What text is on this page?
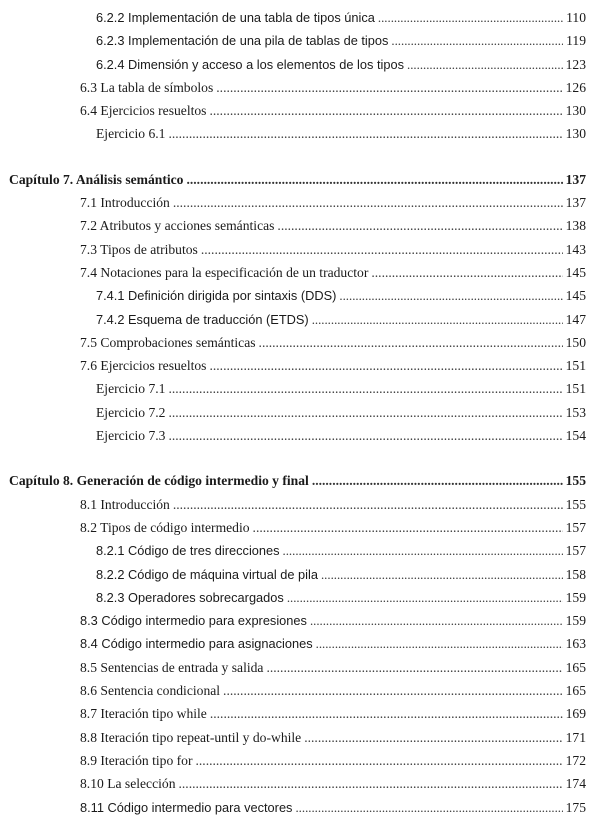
6.2.2 Implementación de una tabla de tipos única .....	110
6.2.3 Implementación de una pila de tablas de tipos .....	119
6.2.4 Dimensión y acceso a los elementos de los tipos .....	123
6.3 La tabla de símbolos .....	126
6.4 Ejercicios resueltos .....	130
Ejercicio 6.1 .....	130
Capítulo 7. Análisis semántico .....	137
7.1 Introducción .....	137
7.2 Atributos y acciones semánticas .....	138
7.3 Tipos de atributos .....	143
7.4 Notaciones para la especificación de un traductor .....	145
7.4.1 Definición dirigida por sintaxis (DDS) .....	145
7.4.2 Esquema de traducción (ETDS) .....	147
7.5 Comprobaciones semánticas .....	150
7.6 Ejercicios resueltos .....	151
Ejercicio 7.1 .....	151
Ejercicio 7.2 .....	153
Ejercicio 7.3 .....	154
Capítulo 8. Generación de código intermedio y final .....	155
8.1 Introducción .....	155
8.2 Tipos de código intermedio .....	157
8.2.1 Código de tres direcciones .....	157
8.2.2 Código de máquina virtual de pila .....	158
8.2.3 Operadores sobrecargados .....	159
8.3 Código intermedio para expresiones .....	159
8.4 Código intermedio para asignaciones .....	163
8.5 Sentencias de entrada y salida .....	165
8.6 Sentencia condicional .....	165
8.7 Iteración tipo while .....	169
8.8 Iteración tipo repeat-until y do-while .....	171
8.9 Iteración tipo for .....	172
8.10 La selección .....	174
8.11 Código intermedio para vectores .....	175
